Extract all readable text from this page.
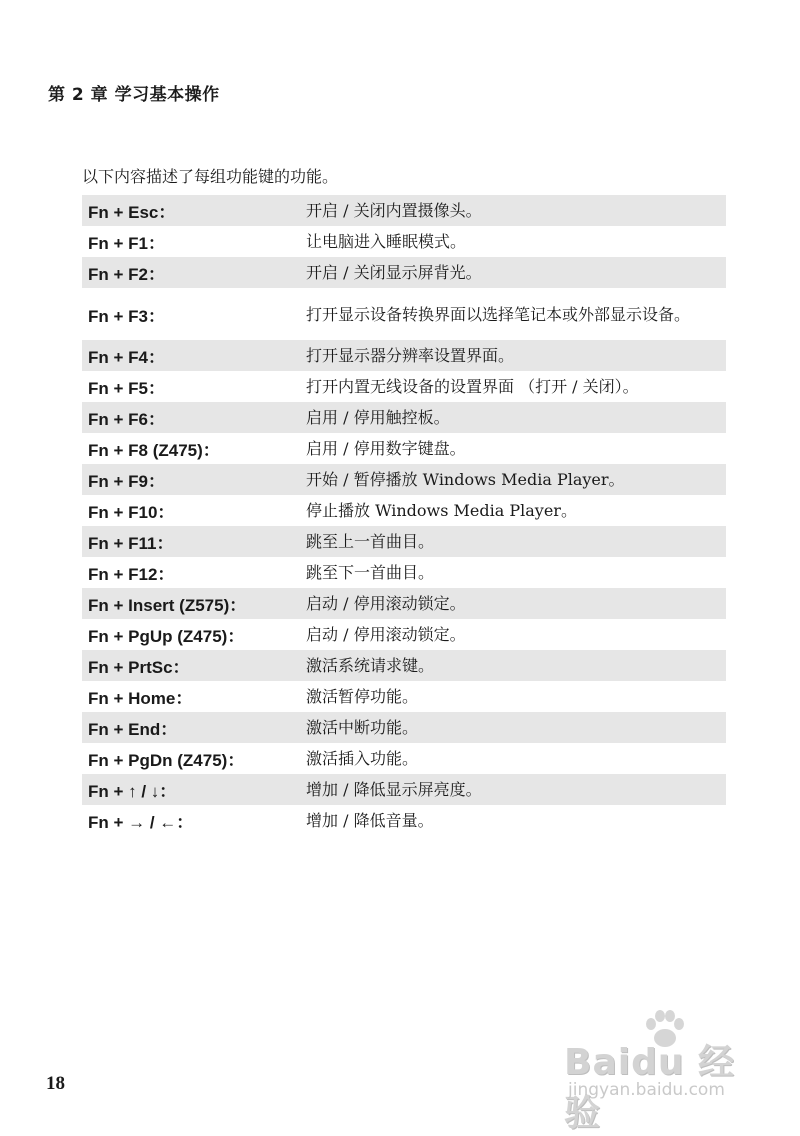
第 2 章 学习基本操作
以下内容描述了每组功能键的功能。
Fn + Esc：	开启 / 关闭内置摄像头。
Fn + F1：	让电脑进入睡眠模式。
Fn + F2：	开启 / 关闭显示屏背光。
Fn + F3：	打开显示设备转换界面以选择笔记本或外部显示设备。
Fn + F4：	打开显示器分辨率设置界面。
Fn + F5：	打开内置无线设备的设置界面 （打开 / 关闭）。
Fn + F6：	启用 / 停用触控板。
Fn + F8 (Z475)：	启用 / 停用数字键盘。
Fn + F9：	开始 / 暂停播放 Windows Media Player。
Fn + F10：	停止播放 Windows Media Player。
Fn + F11：	跳至上一首曲目。
Fn + F12：	跳至下一首曲目。
Fn + Insert (Z575)：	启动 / 停用滚动锁定。
Fn + PgUp (Z475)：	启动 / 停用滚动锁定。
Fn + PrtSc：	激活系统请求键。
Fn + Home：	激活暂停功能。
Fn + End：	激活中断功能。
Fn + PgDn (Z475)：	激活插入功能。
Fn + ↑ / ↓：	增加 / 降低显示屏亮度。
Fn + → / ←：	增加 / 降低音量。
18
Baidu 经验
jingyan.baidu.com
